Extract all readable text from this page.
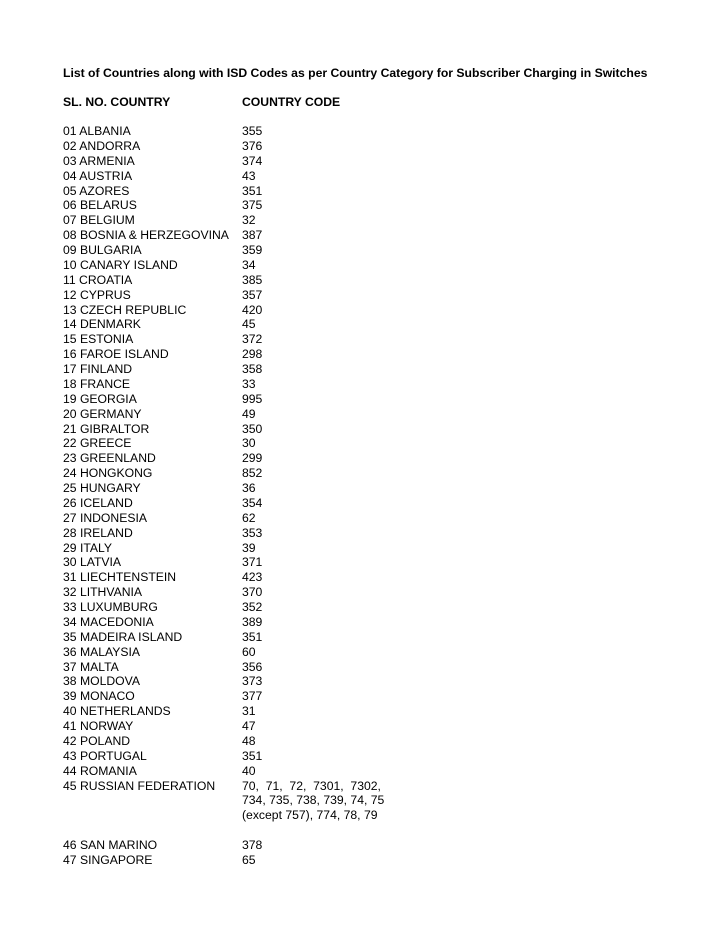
List of Countries along with ISD Codes as per Country Category for Subscriber Charging in Switches
SL. NO. COUNTRY	COUNTRY CODE
01 ALBANIA	355
02 ANDORRA	376
03 ARMENIA	374
04 AUSTRIA	43
05 AZORES	351
06 BELARUS	375
07 BELGIUM	32
08 BOSNIA & HERZEGOVINA 387
09 BULGARIA	359
10 CANARY ISLAND	34
11 CROATIA	385
12 CYPRUS	357
13 CZECH REPUBLIC	420
14 DENMARK	45
15 ESTONIA	372
16 FAROE ISLAND	298
17 FINLAND	358
18 FRANCE	33
19 GEORGIA	995
20 GERMANY	49
21 GIBRALTOR	350
22 GREECE	30
23 GREENLAND	299
24 HONGKONG	852
25 HUNGARY	36
26 ICELAND	354
27 INDONESIA	62
28 IRELAND	353
29 ITALY	39
30 LATVIA	371
31 LIECHTENSTEIN	423
32 LITHVANIA	370
33 LUXUMBURG	352
34 MACEDONIA	389
35 MADEIRA ISLAND	351
36 MALAYSIA	60
37 MALTA	356
38 MOLDOVA	373
39 MONACO	377
40 NETHERLANDS	31
41 NORWAY	47
42 POLAND	48
43 PORTUGAL	351
44 ROMANIA	40
45 RUSSIAN FEDERATION 70,  71,  72,  7301,  7302,
734, 735, 738, 739, 74, 75
(except 757), 774, 78, 79
46 SAN MARINO	378
47 SINGAPORE	65
